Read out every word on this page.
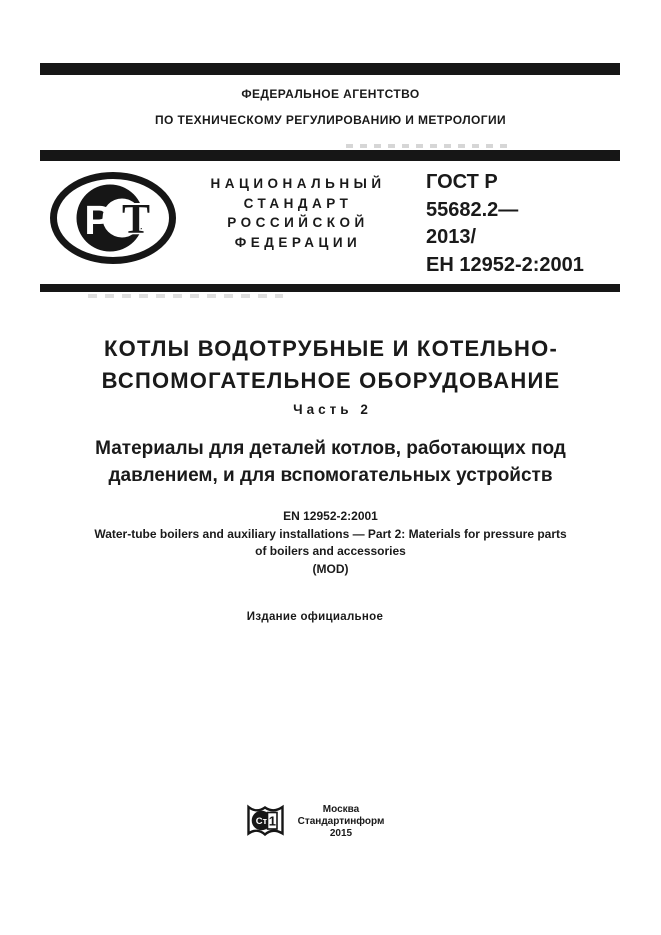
ФЕДЕРАЛЬНОЕ АГЕНТСТВО
ПО ТЕХНИЧЕСКОМУ РЕГУЛИРОВАНИЮ И МЕТРОЛОГИИ
Р Т
НАЦИОНАЛЬНЫЙ
СТАНДАРТ
РОССИЙСКОЙ
ФЕДЕРАЦИИ
ГОСТ Р
55682.2—
2013/
ЕН 12952-2:2001
КОТЛЫ ВОДОТРУБНЫЕ И КОТЕЛЬНО-
ВСПОМОГАТЕЛЬНОЕ ОБОРУДОВАНИЕ
Часть 2
Материалы для деталей котлов, работающих под
давлением, и для вспомогательных устройств
EN 12952-2:2001
Water-tube boilers and auxiliary installations — Part 2: Materials for pressure parts
of boilers and accessories
(MOD)
Издание официальное
Ст 1
Москва
Стандартинформ
2015
